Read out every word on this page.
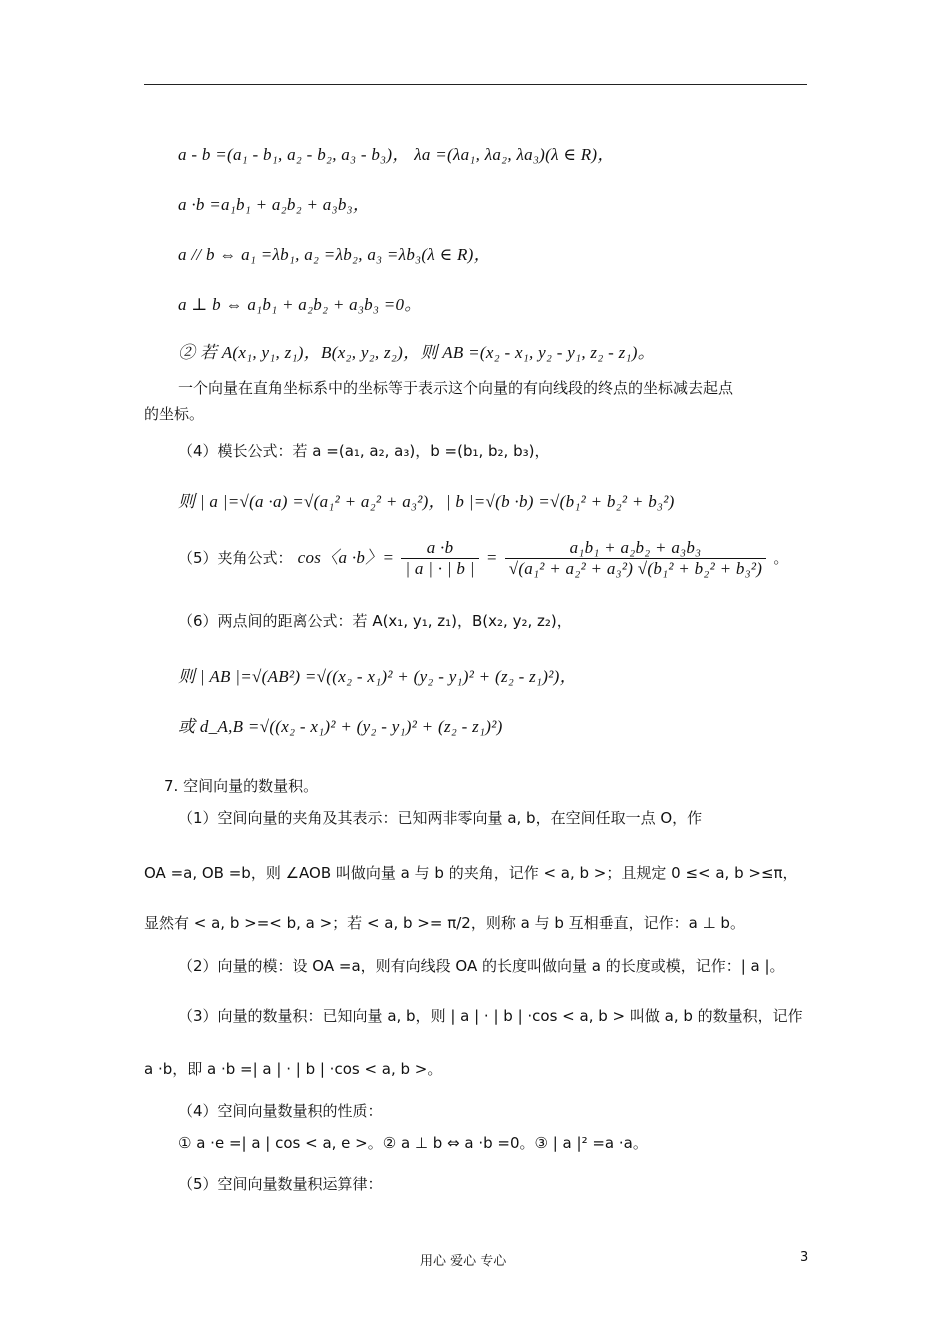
a - b =(a₁ - b₁, a₂ - b₂, a₃ - b₃)， λa =(λa₁, λa₂, λa₃)(λ ∈ R)，
a ·b =a₁b₁ + a₂b₂ + a₃b₃，
a // b ⇔ a₁ =λb₁, a₂ =λb₂, a₃ =λb₃(λ ∈ R)，
a ⊥ b ⇔ a₁b₁ + a₂b₂ + a₃b₃ =0。
② 若 A(x₁, y₁, z₁)，B(x₂, y₂, z₂)，则 AB =(x₂ - x₁, y₂ - y₁, z₂ - z₁)。
一个向量在直角坐标系中的坐标等于表示这个向量的有向线段的终点的坐标减去起点
的坐标。
（4）模长公式：若 a =(a₁, a₂, a₃)，b =(b₁, b₂, b₃)，
则 | a |=√(a ·a) =√(a₁² + a₂² + a₃²)，| b |=√(b ·b) =√(b₁² + b₂² + b₃²)
（5）夹角公式： cos〈a ·b〉= $\frac{a \cdot b}{| a | \cdot | b |} = \frac{\text{a₁b₁ + a₂b₂ + a₃b₃}}{\text{√(a₁² + a₂² + a₃²) √(b₁² + b₂² + b₃²)}}$ 。
（6）两点间的距离公式：若 A(x₁, y₁, z₁)，B(x₂, y₂, z₂)，
则 | AB |=√(AB²) =√((x₂ - x₁)² + (y₂ - y₁)² + (z₂ - z₁)²)，
或 d_A,B =√((x₂ - x₁)² + (y₂ - y₁)² + (z₂ - z₁)²)
7. 空间向量的数量积。
（1）空间向量的夹角及其表示：已知两非零向量 a, b，在空间任取一点 O，作
OA =a, OB =b，则 ∠AOB 叫做向量 a 与 b 的夹角，记作 < a, b >；且规定 0 ≤< a, b >≤π，
显然有 < a, b >=< b, a >；若 < a, b >= π/2，则称 a 与 b 互相垂直，记作：a ⊥ b。
（2）向量的模：设 OA =a，则有向线段 OA 的长度叫做向量 a 的长度或模，记作：| a |。
（3）向量的数量积：已知向量 a, b，则 | a | · | b | ·cos < a, b > 叫做 a, b 的数量积，记作
a ·b，即 a ·b =| a | · | b | ·cos < a, b >。
（4）空间向量数量积的性质：
① a ·e =| a | cos < a, e >。② a ⊥ b ⇔ a ·b =0。③ | a |² =a ·a。
（5）空间向量数量积运算律：
用心 爱心 专心	3
